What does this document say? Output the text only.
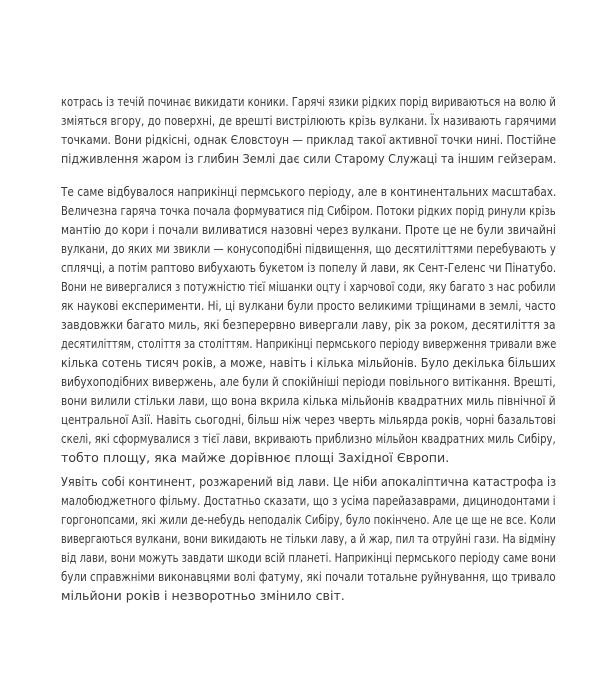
котрась із течій починає викидати коники. Гарячі язики рідких порід вириваються на волю й
зміяться вгору, до поверхні, де врешті вистрілюють крізь вулкани. Їх називають гарячими
точками. Вони рідкісні, однак Єловстоун — приклад такої активної точки нині. Постійне
підживлення жаром із глибин Землі дає сили Старому Служаці та іншим гейзерам.

Те саме відбувалося наприкінці пермського періоду, але в континентальних масштабах.
Величезна гаряча точка почала формуватися під Сибіром. Потоки рідких порід ринули крізь
мантію до кори і почали виливатися назовні через вулкани. Проте це не були звичайні
вулкани, до яких ми звикли — конусоподібні підвищення, що десятиліттями перебувають у
сплячці, а потім раптово вибухають букетом із попелу й лави, як Сент-Геленс чи Пінатубо.
Вони не вивергалися з потужністю тієї мішанки оцту і харчової соди, яку багато з нас робили
як наукові експерименти. Ні, ці вулкани були просто великими тріщинами в землі, часто
завдовжки багато миль, які безперервно вивергали лаву, рік за роком, десятиліття за
десятиліттям, століття за століттям. Наприкінці пермського періоду виверження тривали вже
кілька сотень тисяч років, а може, навіть і кілька мільйонів. Було декілька більших
вибухоподібних вивержень, але були й спокійніші періоди повільного витікання. Врешті,
вони вилили стільки лави, що вона вкрила кілька мільйонів квадратних миль північної й
центральної Азії. Навіть сьогодні, більш ніж через чверть мільярда років, чорні базальтові
скелі, які сформувалися з тієї лави, вкривають приблизно мільйон квадратних миль Сибіру,
тобто площу, яка майже дорівнює площі Західної Європи.

Уявіть собі континент, розжарений від лави. Це ніби апокаліптична катастрофа із
малобюджетного фільму. Достатньо сказати, що з усіма парейазаврами, дицинодонтами і
горгонопсами, які жили де-небудь неподалік Сибіру, було покінчено. Але це ще не все. Коли
вивергаються вулкани, вони викидають не тільки лаву, а й жар, пил та отруйні гази. На відміну
від лави, вони можуть завдати шкоди всій планеті. Наприкінці пермського періоду саме вони
були справжніми виконавцями волі фатуму, які почали тотальне руйнування, що тривало
мільйони років і незворотньо змінило світ.
